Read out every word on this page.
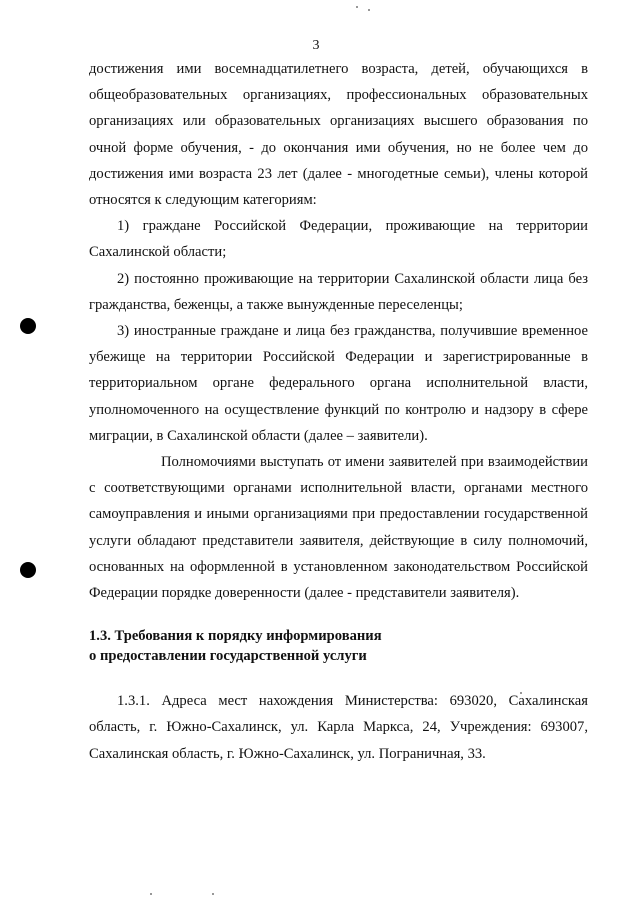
3

достижения ими восемнадцатилетнего возраста, детей, обучающихся в общеобразовательных организациях, профессиональных образовательных организациях или образовательных организациях высшего образования по очной форме обучения, - до окончания ими обучения, но не более чем до достижения ими возраста 23 лет (далее - многодетные семьи), члены которой относятся к следующим категориям:

1) граждане Российской Федерации, проживающие на территории Сахалинской области;

2) постоянно проживающие на территории Сахалинской области лица без гражданства, беженцы, а также вынужденные переселенцы;

3) иностранные граждане и лица без гражданства, получившие временное убежище на территории Российской Федерации и зарегистрированные в территориальном органе федерального органа исполнительной власти, уполномоченного на осуществление функций по контролю и надзору в сфере миграции, в Сахалинской области (далее – заявители).

Полномочиями выступать от имени заявителей при взаимодействии с соответствующими органами исполнительной власти, органами местного самоуправления и иными организациями при предоставлении государственной услуги обладают представители заявителя, действующие в силу полномочий, основанных на оформленной в установленном законодательством Российской Федерации порядке доверенности (далее - представители заявителя).

1.3. Требования к порядку информирования

о предоставлении государственной услуги

1.3.1. Адреса мест нахождения Министерства: 693020, Сахалинская область, г. Южно-Сахалинск, ул. Карла Маркса, 24, Учреждения: 693007, Сахалинская область, г. Южно-Сахалинск, ул. Пограничная, 33.
